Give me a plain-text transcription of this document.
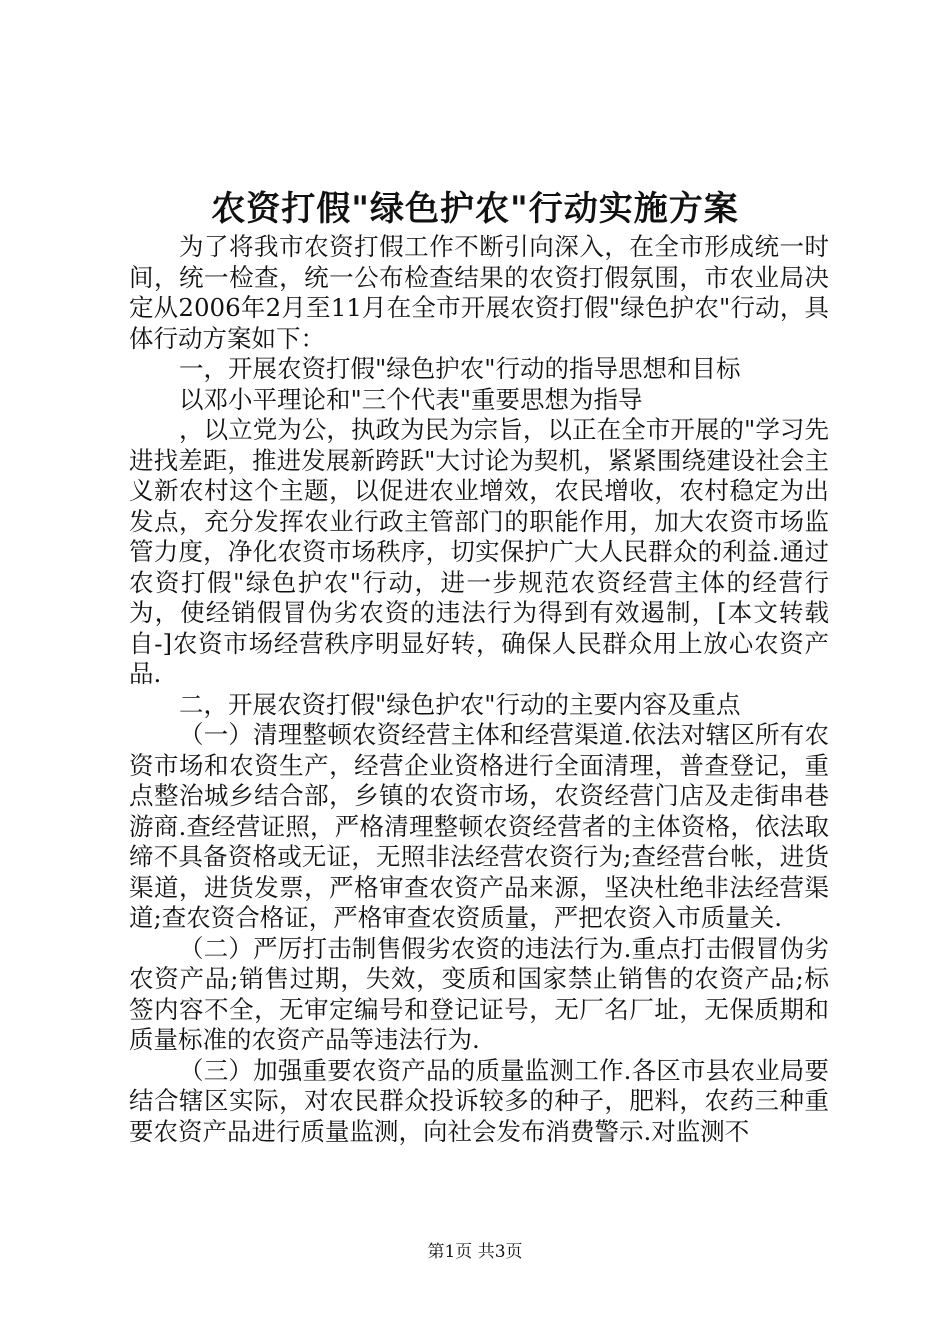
农资打假"绿色护农"行动实施方案

为了将我市农资打假工作不断引向深入，在全市形成统一时间，统一检查，统一公布检查结果的农资打假氛围，市农业局决定从2006年2月至11月在全市开展农资打假"绿色护农"行动，具体行动方案如下：

一，开展农资打假"绿色护农"行动的指导思想和目标

以邓小平理论和"三个代表"重要思想为指导

，以立党为公，执政为民为宗旨，以正在全市开展的"学习先进找差距，推进发展新跨跃"大讨论为契机，紧紧围绕建设社会主义新农村这个主题，以促进农业增效，农民增收，农村稳定为出发点，充分发挥农业行政主管部门的职能作用，加大农资市场监管力度，净化农资市场秩序，切实保护广大人民群众的利益.通过农资打假"绿色护农"行动，进一步规范农资经营主体的经营行为，使经销假冒伪劣农资的违法行为得到有效遏制，[本文转载自-]农资市场经营秩序明显好转，确保人民群众用上放心农资产品.

二，开展农资打假"绿色护农"行动的主要内容及重点

（一）清理整顿农资经营主体和经营渠道.依法对辖区所有农资市场和农资生产，经营企业资格进行全面清理，普查登记，重点整治城乡结合部，乡镇的农资市场，农资经营门店及走街串巷游商.查经营证照，严格清理整顿农资经营者的主体资格，依法取缔不具备资格或无证，无照非法经营农资行为;查经营台帐，进货渠道，进货发票，严格审查农资产品来源，坚决杜绝非法经营渠道;查农资合格证，严格审查农资质量，严把农资入市质量关.

（二）严厉打击制售假劣农资的违法行为.重点打击假冒伪劣农资产品;销售过期，失效，变质和国家禁止销售的农资产品;标签内容不全，无审定编号和登记证号，无厂名厂址，无保质期和质量标准的农资产品等违法行为.

（三）加强重要农资产品的质量监测工作.各区市县农业局要结合辖区实际，对农民群众投诉较多的种子，肥料，农药三种重要农资产品进行质量监测，向社会发布消费警示.对监测不

第1页 共3页
